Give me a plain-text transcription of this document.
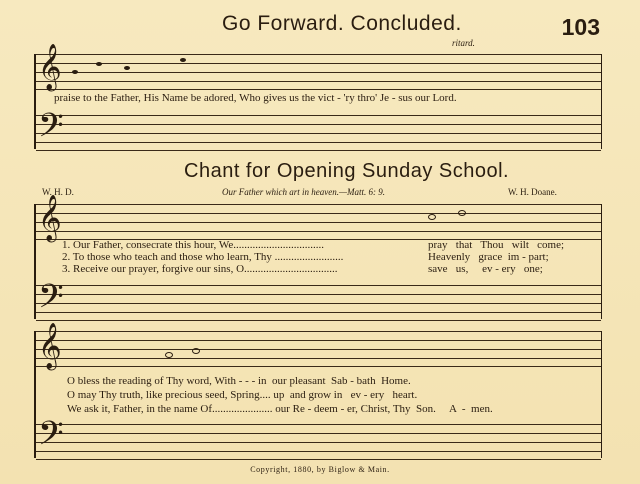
Go Forward. Concluded.	103
ritard.
𝄞
praise to the Father, His Name be adored, Who gives us the vict - 'ry thro' Je - sus our Lord.
𝄢
Chant for Opening Sunday School.
W. H. D.	Our Father which art in heaven.—Matt. 6: 9.	W. H. Doane.
𝄞
1. Our Father, consecrate this hour, We.................................	pray   that   Thou   wilt   come;
2. To those who teach and those who learn, Thy .........................	Heavenly   grace  im - part;
3. Receive our prayer, forgive our sins, O..................................	save   us,     ev - ery   one;
𝄢
𝄞
O bless the reading of Thy word, With - - - in  our pleasant  Sab - bath  Home.
O may Thy truth, like precious seed, Spring.... up  and grow in   ev - ery   heart.
We ask it, Father, in the name Of...................... our Re - deem - er, Christ, Thy  Son.     A  -  men.
𝄢
Copyright, 1880, by Biglow & Main.
